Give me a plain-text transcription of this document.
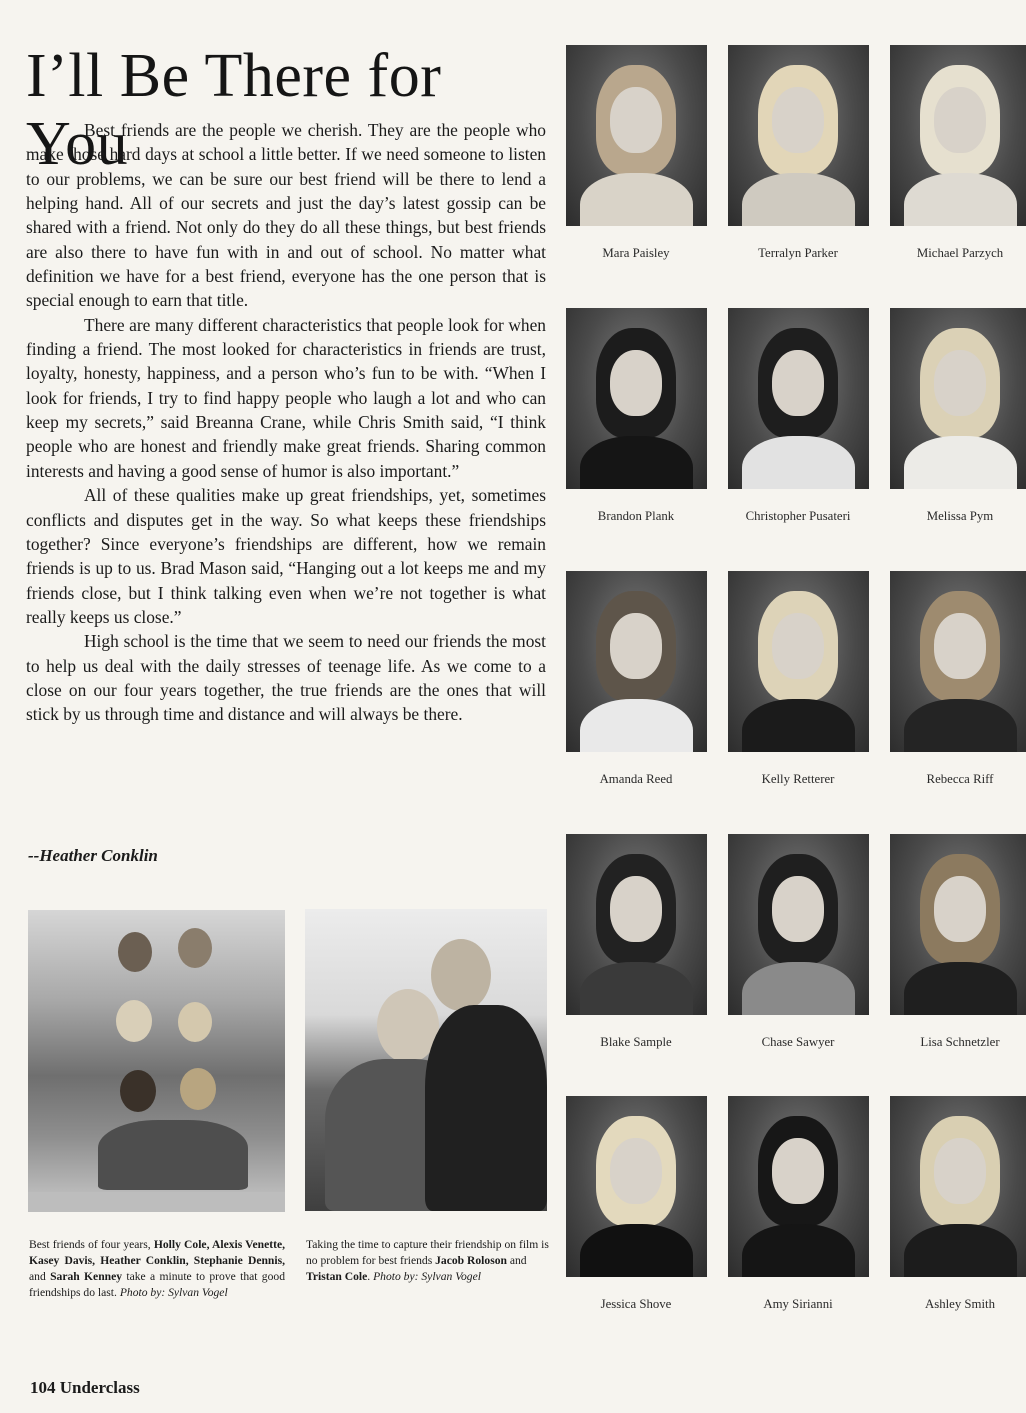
I’ll Be There for You

Best friends are the people we cherish. They are the people who make those hard days at school a little better. If we need someone to listen to our problems, we can be sure our best friend will be there to lend a helping hand. All of our secrets and just the day’s latest gossip can be shared with a friend. Not only do they do all these things, but best friends are also there to have fun with in and out of school. No matter what definition we have for a best friend, everyone has the one person that is special enough to earn that title.

There are many different characteristics that people look for when finding a friend. The most looked for characteristics in friends are trust, loyalty, honesty, happiness, and a person who’s fun to be with. “When I look for friends, I try to find happy people who laugh a lot and who can keep my secrets,” said Breanna Crane, while Chris Smith said, “I think people who are honest and friendly make great friends. Sharing common interests and having a good sense of humor is also important.”

All of these qualities make up great friendships, yet, sometimes conflicts and disputes get in the way. So what keeps these friendships together? Since everyone’s friendships are different, how we remain friends is up to us. Brad Mason said, “Hanging out a lot keeps me and my friends close, but I think talking even when we’re not together is what really keeps us close.”

High school is the time that we seem to need our friends the most to help us deal with the daily stresses of teenage life. As we come to a close on our four years together, the true friends are the ones that will stick by us through time and distance and will always be there.

--Heather Conklin
Best friends of four years, Holly Cole, Alexis Venette, Kasey Davis, Heather Conklin, Stephanie Dennis, and Sarah Kenney take a minute to prove that good friendships do last. Photo by: Sylvan Vogel
Taking the time to capture their friendship on film is no problem for best friends Jacob Roloson and Tristan Cole. Photo by: Sylvan Vogel
104 Underclass
Mara Paisley	Terralyn Parker	Michael Parzych
Brandon Plank	Christopher Pusateri	Melissa Pym
Amanda Reed	Kelly Retterer	Rebecca Riff
Blake Sample	Chase Sawyer	Lisa Schnetzler
Jessica Shove	Amy Sirianni	Ashley Smith
